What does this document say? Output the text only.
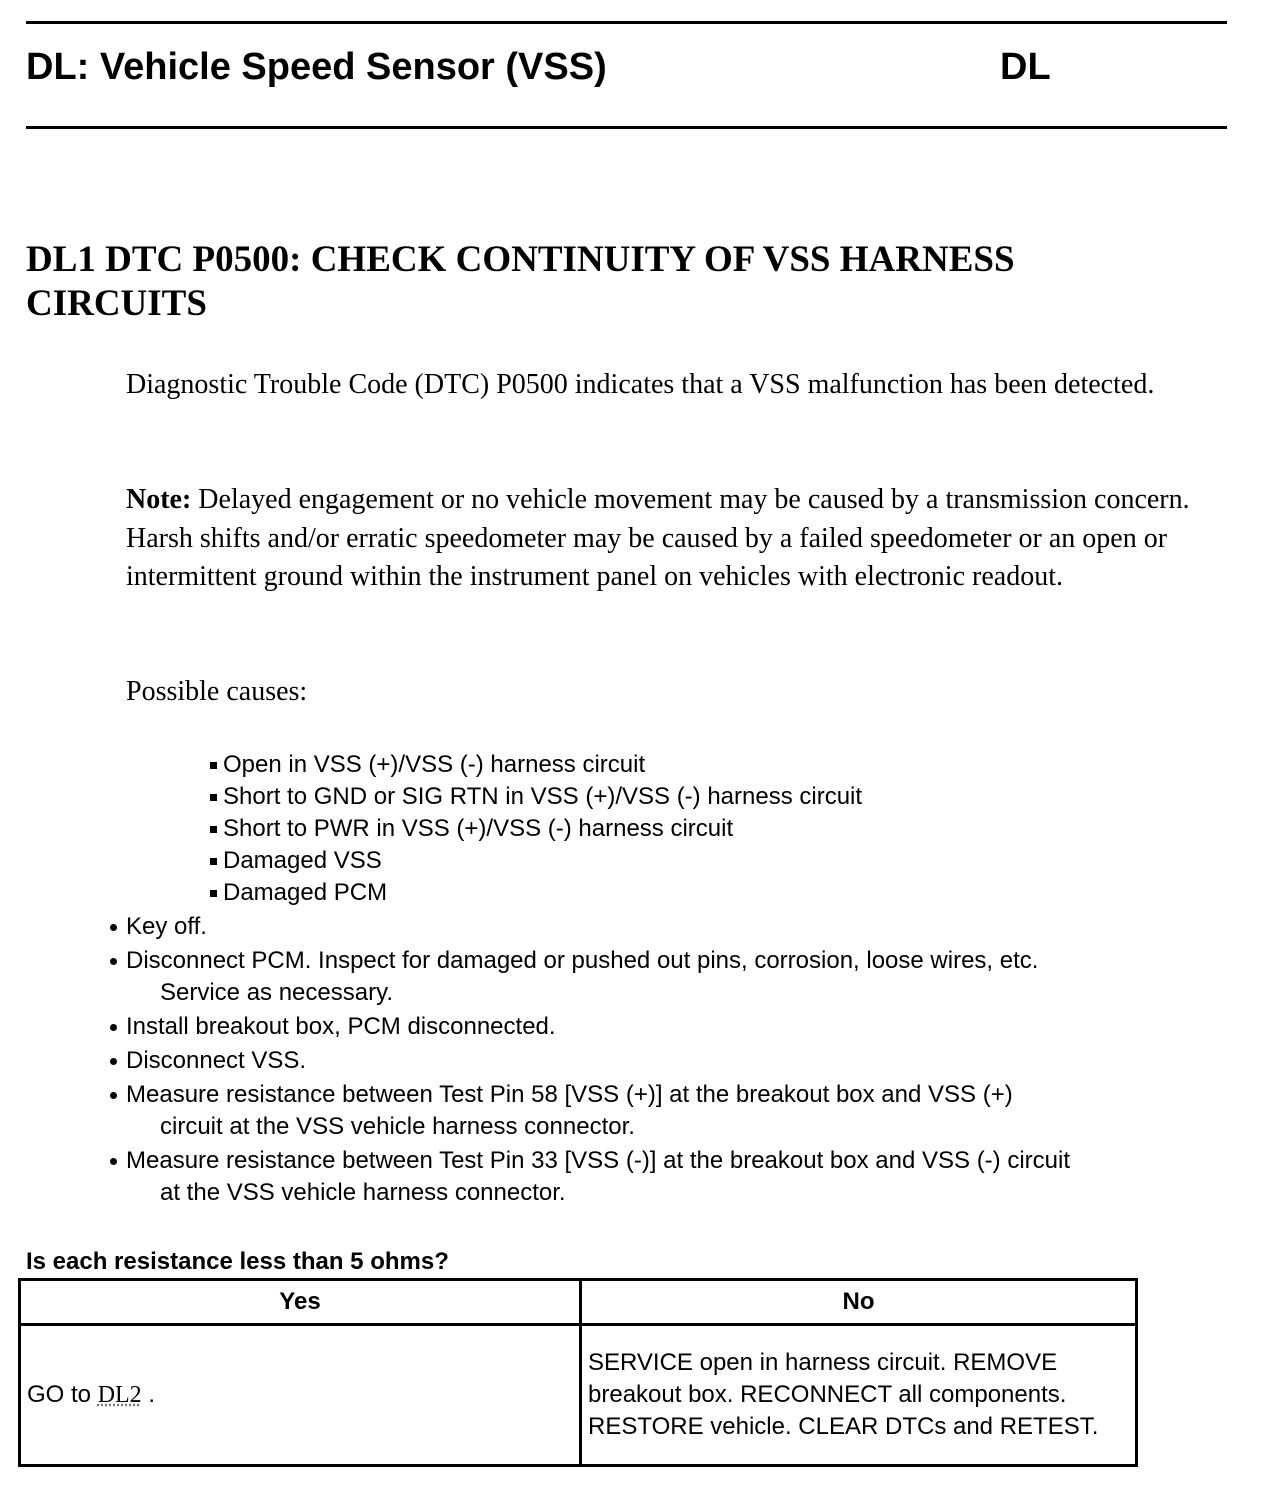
DL: Vehicle Speed Sensor (VSS)	DL
DL1 DTC P0500: CHECK CONTINUITY OF VSS HARNESS CIRCUITS

Diagnostic Trouble Code (DTC) P0500 indicates that a VSS malfunction has been detected.

Note: Delayed engagement or no vehicle movement may be caused by a transmission concern. Harsh shifts and/or erratic speedometer may be caused by a failed speedometer or an open or intermittent ground within the instrument panel on vehicles with electronic readout.

Possible causes:

Open in VSS (+)/VSS (-) harness circuit
Short to GND or SIG RTN in VSS (+)/VSS (-) harness circuit
Short to PWR in VSS (+)/VSS (-) harness circuit
Damaged VSS
Damaged PCM
Key off.
Disconnect PCM. Inspect for damaged or pushed out pins, corrosion, loose wires, etc.
Service as necessary.
Install breakout box, PCM disconnected.
Disconnect VSS.
Measure resistance between Test Pin 58 [VSS (+)] at the breakout box and VSS (+)
circuit at the VSS vehicle harness connector.
Measure resistance between Test Pin 33 [VSS (-)] at the breakout box and VSS (-) circuit
at the VSS vehicle harness connector.
Is each resistance less than 5 ohms?
Yes	No
GO to DL2 .	SERVICE open in harness circuit. REMOVE breakout box. RECONNECT all components. RESTORE vehicle. CLEAR DTCs and RETEST.
